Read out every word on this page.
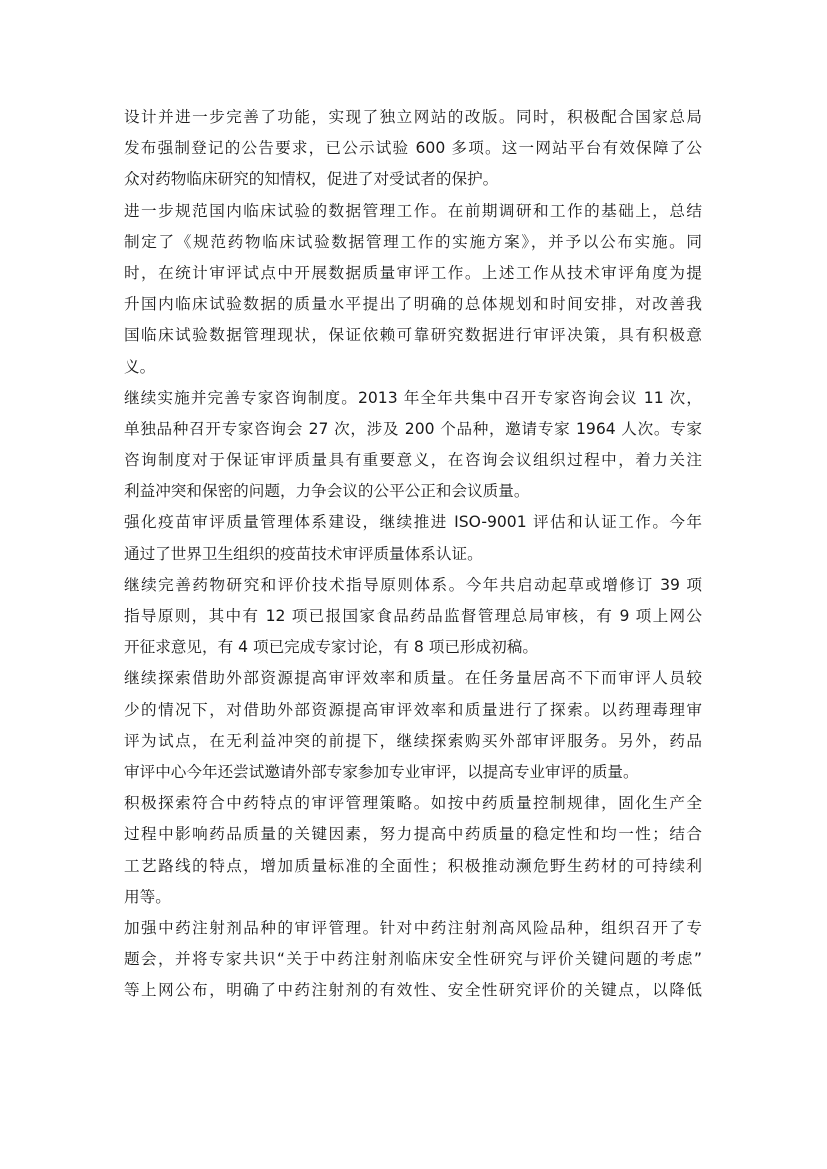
设计并进一步完善了功能，实现了独立网站的改版。同时，积极配合国家总局
发布强制登记的公告要求，已公示试验 600 多项。这一网站平台有效保障了公
众对药物临床研究的知情权，促进了对受试者的保护。
进一步规范国内临床试验的数据管理工作。在前期调研和工作的基础上，总结
制定了《规范药物临床试验数据管理工作的实施方案》，并予以公布实施。同
时，在统计审评试点中开展数据质量审评工作。上述工作从技术审评角度为提
升国内临床试验数据的质量水平提出了明确的总体规划和时间安排，对改善我
国临床试验数据管理现状，保证依赖可靠研究数据进行审评决策，具有积极意
义。
继续实施并完善专家咨询制度。2013 年全年共集中召开专家咨询会议 11 次，
单独品种召开专家咨询会 27 次，涉及 200 个品种，邀请专家 1964 人次。专家
咨询制度对于保证审评质量具有重要意义，在咨询会议组织过程中，着力关注
利益冲突和保密的问题，力争会议的公平公正和会议质量。
强化疫苗审评质量管理体系建设，继续推进 ISO-9001 评估和认证工作。今年
通过了世界卫生组织的疫苗技术审评质量体系认证。
继续完善药物研究和评价技术指导原则体系。今年共启动起草或增修订 39 项
指导原则，其中有 12 项已报国家食品药品监督管理总局审核，有 9 项上网公
开征求意见，有 4 项已完成专家讨论，有 8 项已形成初稿。
继续探索借助外部资源提高审评效率和质量。在任务量居高不下而审评人员较
少的情况下，对借助外部资源提高审评效率和质量进行了探索。以药理毒理审
评为试点，在无利益冲突的前提下，继续探索购买外部审评服务。另外，药品
审评中心今年还尝试邀请外部专家参加专业审评，以提高专业审评的质量。
积极探索符合中药特点的审评管理策略。如按中药质量控制规律，固化生产全
过程中影响药品质量的关键因素，努力提高中药质量的稳定性和均一性；结合
工艺路线的特点，增加质量标准的全面性；积极推动濒危野生药材的可持续利
用等。
加强中药注射剂品种的审评管理。针对中药注射剂高风险品种，组织召开了专
题会，并将专家共识“关于中药注射剂临床安全性研究与评价关键问题的考虑”
等上网公布，明确了中药注射剂的有效性、安全性研究评价的关键点，以降低
